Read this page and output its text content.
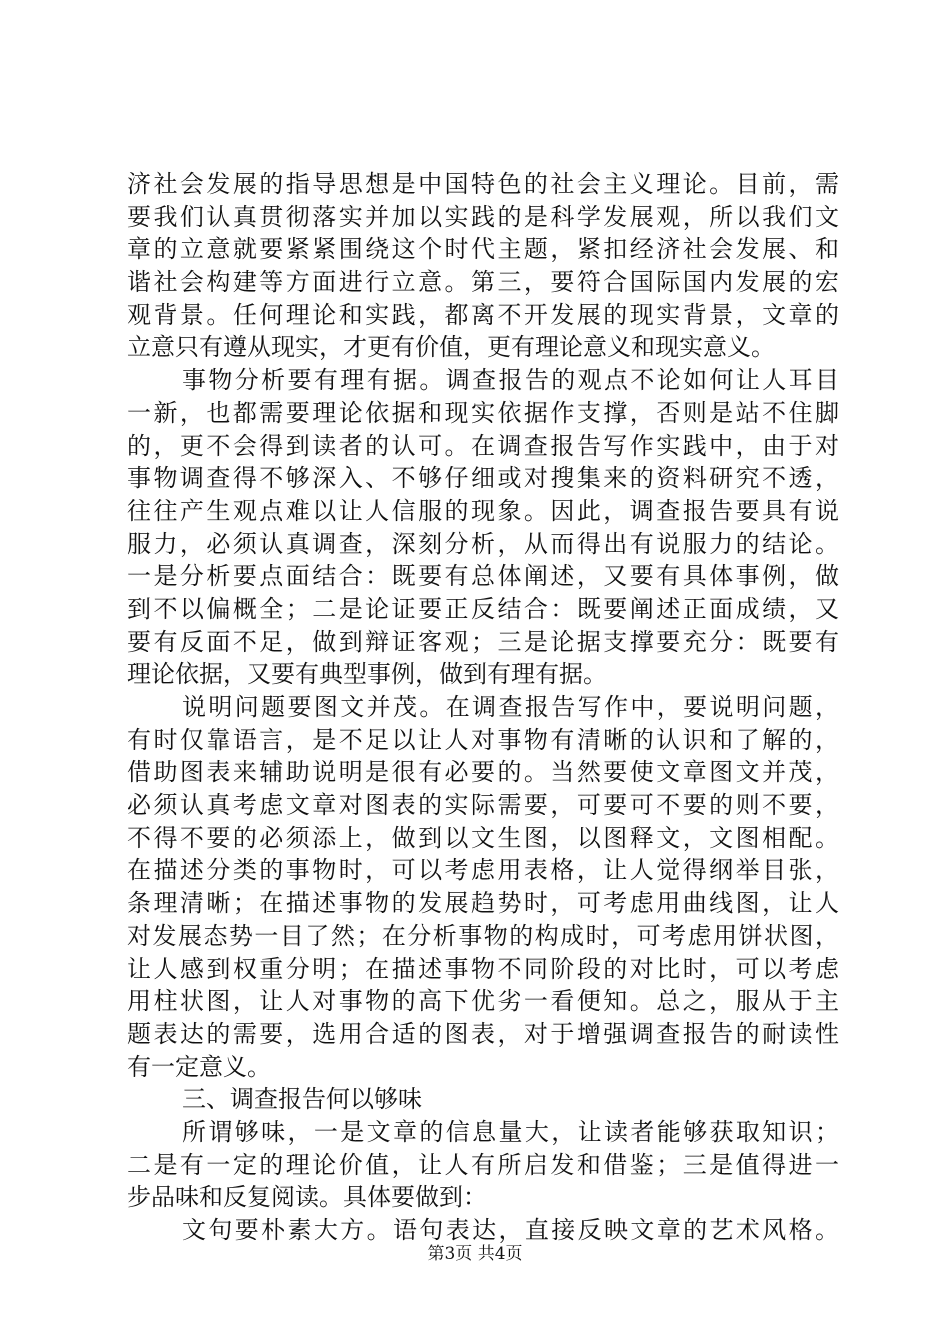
济社会发展的指导思想是中国特色的社会主义理论。目前，需
要我们认真贯彻落实并加以实践的是科学发展观，所以我们文
章的立意就要紧紧围绕这个时代主题，紧扣经济社会发展、和
谐社会构建等方面进行立意。第三，要符合国际国内发展的宏
观背景。任何理论和实践，都离不开发展的现实背景，文章的
立意只有遵从现实，才更有价值，更有理论意义和现实意义。
事物分析要有理有据。调查报告的观点不论如何让人耳目
一新，也都需要理论依据和现实依据作支撑，否则是站不住脚
的，更不会得到读者的认可。在调查报告写作实践中，由于对
事物调查得不够深入、不够仔细或对搜集来的资料研究不透，
往往产生观点难以让人信服的现象。因此，调查报告要具有说
服力，必须认真调查，深刻分析，从而得出有说服力的结论。
一是分析要点面结合：既要有总体阐述，又要有具体事例，做
到不以偏概全；二是论证要正反结合：既要阐述正面成绩，又
要有反面不足，做到辩证客观；三是论据支撑要充分：既要有
理论依据，又要有典型事例，做到有理有据。
说明问题要图文并茂。在调查报告写作中，要说明问题，
有时仅靠语言，是不足以让人对事物有清晰的认识和了解的，
借助图表来辅助说明是很有必要的。当然要使文章图文并茂，
必须认真考虑文章对图表的实际需要，可要可不要的则不要，
不得不要的必须添上，做到以文生图，以图释文，文图相配。
在描述分类的事物时，可以考虑用表格，让人觉得纲举目张，
条理清晰；在描述事物的发展趋势时，可考虑用曲线图，让人
对发展态势一目了然；在分析事物的构成时，可考虑用饼状图，
让人感到权重分明；在描述事物不同阶段的对比时，可以考虑
用柱状图，让人对事物的高下优劣一看便知。总之，服从于主
题表达的需要，选用合适的图表，对于增强调查报告的耐读性
有一定意义。
三、调查报告何以够味
所谓够味，一是文章的信息量大，让读者能够获取知识；
二是有一定的理论价值，让人有所启发和借鉴；三是值得进一
步品味和反复阅读。具体要做到：
文句要朴素大方。语句表达，直接反映文章的艺术风格。
第3页 共4页
